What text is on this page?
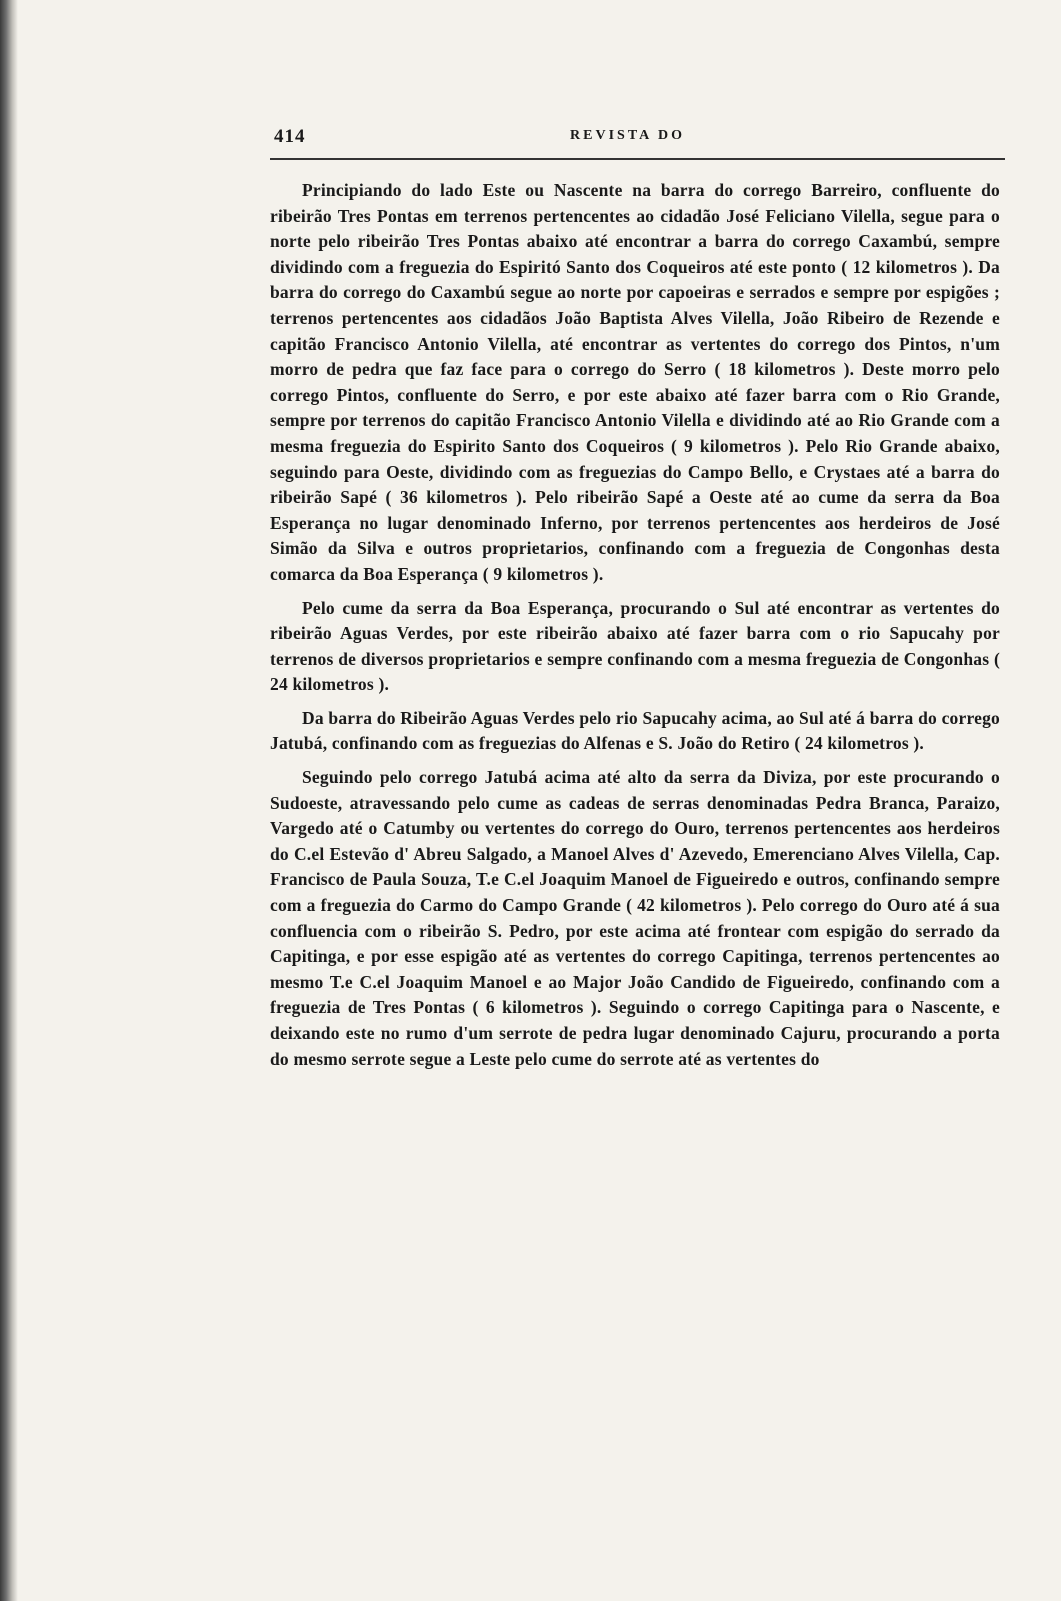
414	REVISTA DO

Principiando do lado Este ou Nascente na barra do corrego Barreiro, confluente do ribeirão Tres Pontas em terrenos pertencentes ao cidadão José Feliciano Vilella, segue para o norte pelo ribeirão Tres Pontas abaixo até encontrar a barra do corrego Caxambú, sempre dividindo com a freguezia do Espiritó Santo dos Coqueiros até este ponto ( 12 kilometros ). Da barra do corrego do Caxambú segue ao norte por capoeiras e serrados e sempre por espigões ; terrenos pertencentes aos cidadãos João Baptista Alves Vilella, João Ribeiro de Rezende e capitão Francisco Antonio Vilella, até encontrar as vertentes do corrego dos Pintos, n'um morro de pedra que faz face para o corrego do Serro ( 18 kilometros ). Deste morro pelo corrego Pintos, confluente do Serro, e por este abaixo até fazer barra com o Rio Grande, sempre por terrenos do capitão Francisco Antonio Vilella e dividindo até ao Rio Grande com a mesma freguezia do Espirito Santo dos Coqueiros ( 9 kilometros ). Pelo Rio Grande abaixo, seguindo para Oeste, dividindo com as freguezias do Campo Bello, e Crystaes até a barra do ribeirão Sapé ( 36 kilometros ). Pelo ribeirão Sapé a Oeste até ao cume da serra da Boa Esperança no lugar denominado Inferno, por terrenos pertencentes aos herdeiros de José Simão da Silva e outros proprietarios, confinando com a freguezia de Congonhas desta comarca da Boa Esperança ( 9 kilometros ).

Pelo cume da serra da Boa Esperança, procurando o Sul até encontrar as vertentes do ribeirão Aguas Verdes, por este ribeirão abaixo até fazer barra com o rio Sapucahy por terrenos de diversos proprietarios e sempre confinando com a mesma freguezia de Congonhas ( 24 kilometros ).

Da barra do Ribeirão Aguas Verdes pelo rio Sapucahy acima, ao Sul até á barra do corrego Jatubá, confinando com as freguezias do Alfenas e S. João do Retiro ( 24 kilometros ).

Seguindo pelo corrego Jatubá acima até alto da serra da Diviza, por este procurando o Sudoeste, atravessando pelo cume as cadeas de serras denominadas Pedra Branca, Paraizo, Vargedo até o Catumby ou vertentes do corrego do Ouro, terrenos pertencentes aos herdeiros do C.el Estevão d' Abreu Salgado, a Manoel Alves d' Azevedo, Emerenciano Alves Vilella, Cap. Francisco de Paula Souza, T.e C.el Joaquim Manoel de Figueiredo e outros, confinando sempre com a freguezia do Carmo do Campo Grande ( 42 kilometros ). Pelo corrego do Ouro até á sua confluencia com o ribeirão S. Pedro, por este acima até frontear com espigão do serrado da Capitinga, e por esse espigão até as vertentes do corrego Capitinga, terrenos pertencentes ao mesmo T.e C.el Joaquim Manoel e ao Major João Candido de Figueiredo, confinando com a freguezia de Tres Pontas ( 6 kilometros ). Seguindo o corrego Capitinga para o Nascente, e deixando este no rumo d'um serrote de pedra lugar denominado Cajuru, procurando a porta do mesmo serrote segue a Leste pelo cume do serrote até as vertentes do
